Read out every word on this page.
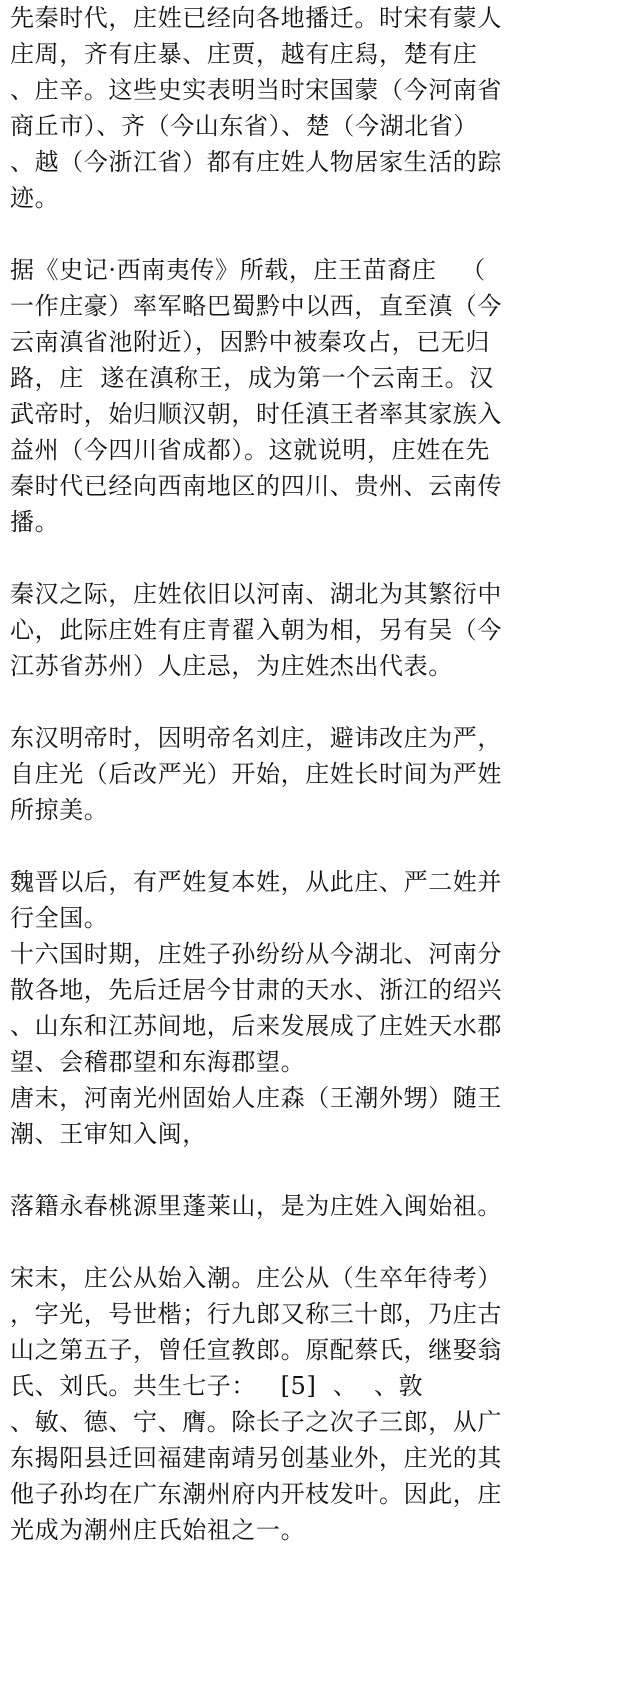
先秦时代，庄姓已经向各地播迁。时宋有蒙人
庄周，齐有庄暴、庄贾，越有庄舄，楚有庄
、庄辛。这些史实表明当时宋国蒙（今河南省
商丘市）、齐（今山东省）、楚（今湖北省）
、越（今浙江省）都有庄姓人物居家生活的踪
迹。
据《史记·西南夷传》所载，庄王苗裔庄   （
一作庄豪）率军略巴蜀黔中以西，直至滇（今
云南滇省池附近），因黔中被秦攻占，已无归
路，庄  遂在滇称王，成为第一个云南王。汉
武帝时，始归顺汉朝，时任滇王者率其家族入
益州（今四川省成都）。这就说明，庄姓在先
秦时代已经向西南地区的四川、贵州、云南传
播。
秦汉之际，庄姓依旧以河南、湖北为其繁衍中
心，此际庄姓有庄青翟入朝为相，另有吴（今
江苏省苏州）人庄忌，为庄姓杰出代表。
东汉明帝时，因明帝名刘庄，避讳改庄为严，
自庄光（后改严光）开始，庄姓长时间为严姓
所掠美。
魏晋以后，有严姓复本姓，从此庄、严二姓并
行全国。
十六国时期，庄姓子孙纷纷从今湖北、河南分
散各地，先后迁居今甘肃的天水、浙江的绍兴
、山东和江苏间地，后来发展成了庄姓天水郡
望、会稽郡望和东海郡望。
唐末，河南光州固始人庄森（王潮外甥）随王
潮、王审知入闽，
落籍永春桃源里蓬莱山，是为庄姓入闽始祖。
宋末，庄公从始入潮。庄公从（生卒年待考）
，字光，号世楷；行九郎又称三十郎，乃庄古
山之第五子，曾任宣教郎。原配蔡氏，继娶翁
氏、刘氏。共生七子：   [5]  、  、敦
、敏、德、宁、膺。除长子之次子三郎，从广
东揭阳县迁回福建南靖另创基业外，庄光的其
他子孙均在广东潮州府内开枝发叶。因此，庄
光成为潮州庄氏始祖之一。
